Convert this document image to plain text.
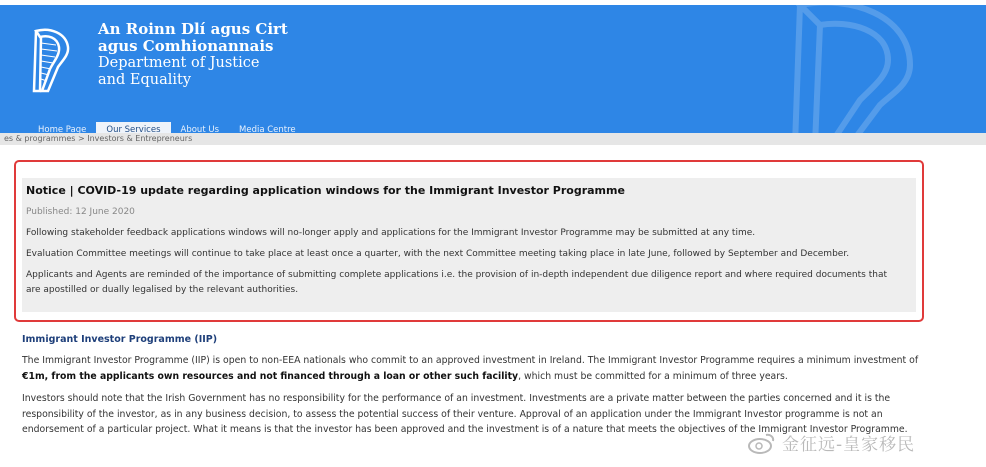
An Roinn Dlí agus Cirt
agus Comhionannais
Department of Justice
and Equality
Home Page	Our Services	About Us	Media Centre
es & programmes > Investors & Entrepreneurs
Notice | COVID-19 update regarding application windows for the Immigrant Investor Programme
Published: 12 June 2020
Following stakeholder feedback applications windows will no-longer apply and applications for the Immigrant Investor Programme may be submitted at any time.
Evaluation Committee meetings will continue to take place at least once a quarter, with the next Committee meeting taking place in late June, followed by September and December.
Applicants and Agents are reminded of the importance of submitting complete applications i.e. the provision of in-depth independent due diligence report and where required documents that are apostilled or dually legalised by the relevant authorities.
Immigrant Investor Programme (IIP)
The Immigrant Investor Programme (IIP) is open to non-EEA nationals who commit to an approved investment in Ireland. The Immigrant Investor Programme requires a minimum investment of €1m, from the applicants own resources and not financed through a loan or other such facility, which must be committed for a minimum of three years.
Investors should note that the Irish Government has no responsibility for the performance of an investment. Investments are a private matter between the parties concerned and it is the responsibility of the investor, as in any business decision, to assess the potential success of their venture. Approval of an application under the Immigrant Investor programme is not an endorsement of a particular project. What it means is that the investor has been approved and the investment is of a nature that meets the objectives of the Immigrant Investor Programme.
金征远-皇家移民
